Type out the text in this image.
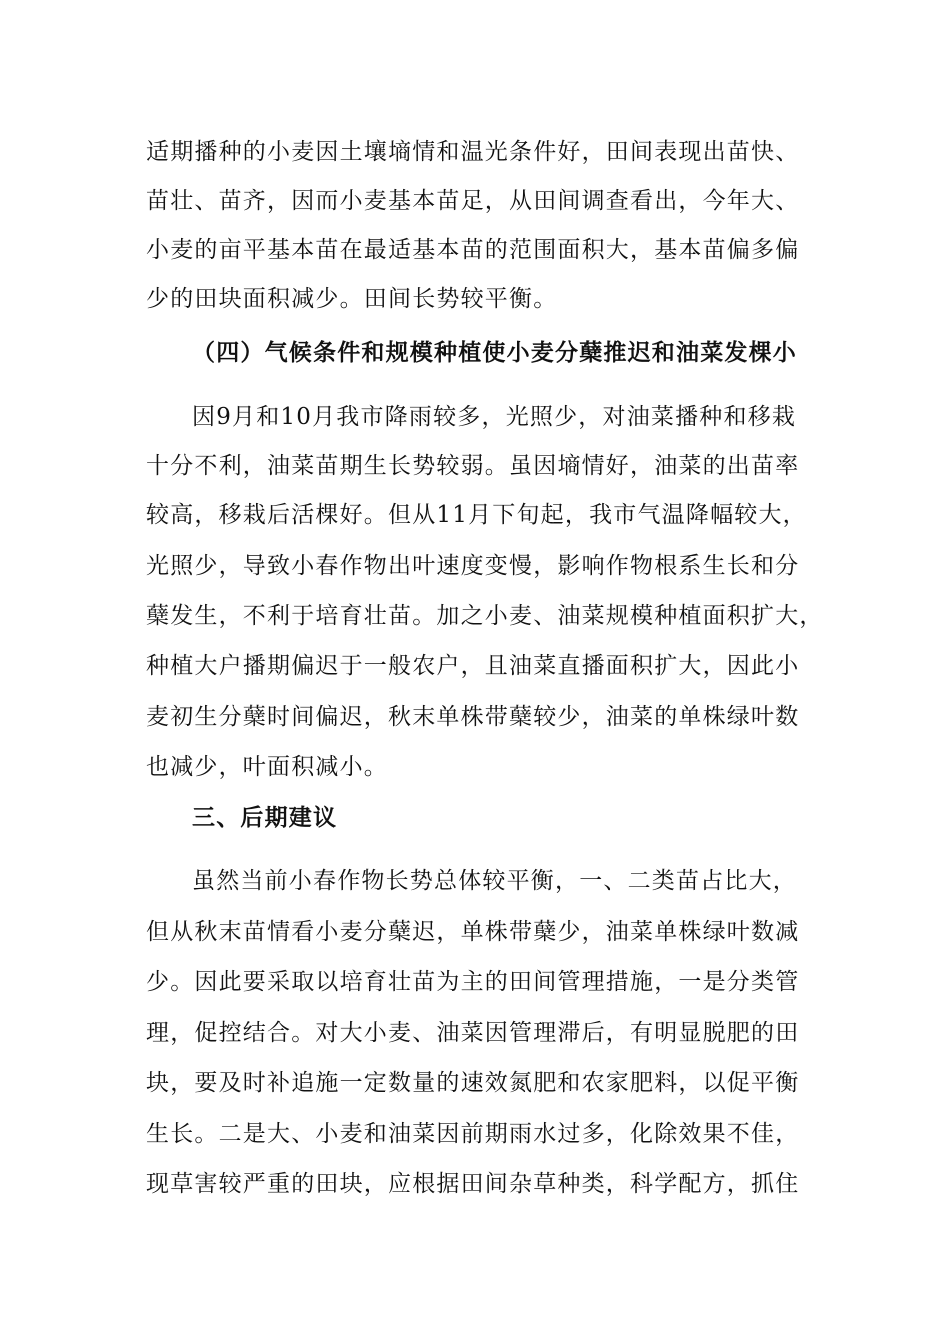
适期播种的小麦因土壤墒情和温光条件好，田间表现出苗快、
苗壮、苗齐，因而小麦基本苗足，从田间调查看出，今年大、
小麦的亩平基本苗在最适基本苗的范围面积大，基本苗偏多偏
少的田块面积减少。田间长势较平衡。
（四）气候条件和规模种植使小麦分蘖推迟和油菜发棵小
因9月和10月我市降雨较多，光照少，对油菜播种和移栽
十分不利，油菜苗期生长势较弱。虽因墒情好，油菜的出苗率
较高，移栽后活棵好。但从11月下旬起，我市气温降幅较大，
光照少，导致小春作物出叶速度变慢，影响作物根系生长和分
蘖发生，不利于培育壮苗。加之小麦、油菜规模种植面积扩大，
种植大户播期偏迟于一般农户，且油菜直播面积扩大，因此小
麦初生分蘖时间偏迟，秋末单株带蘖较少，油菜的单株绿叶数
也减少，叶面积减小。
三、后期建议
虽然当前小春作物长势总体较平衡，一、二类苗占比大，
但从秋末苗情看小麦分蘖迟，单株带蘖少，油菜单株绿叶数减
少。因此要采取以培育壮苗为主的田间管理措施，一是分类管
理，促控结合。对大小麦、油菜因管理滞后，有明显脱肥的田
块，要及时补追施一定数量的速效氮肥和农家肥料，以促平衡
生长。二是大、小麦和油菜因前期雨水过多，化除效果不佳，
现草害较严重的田块，应根据田间杂草种类，科学配方，抓住
